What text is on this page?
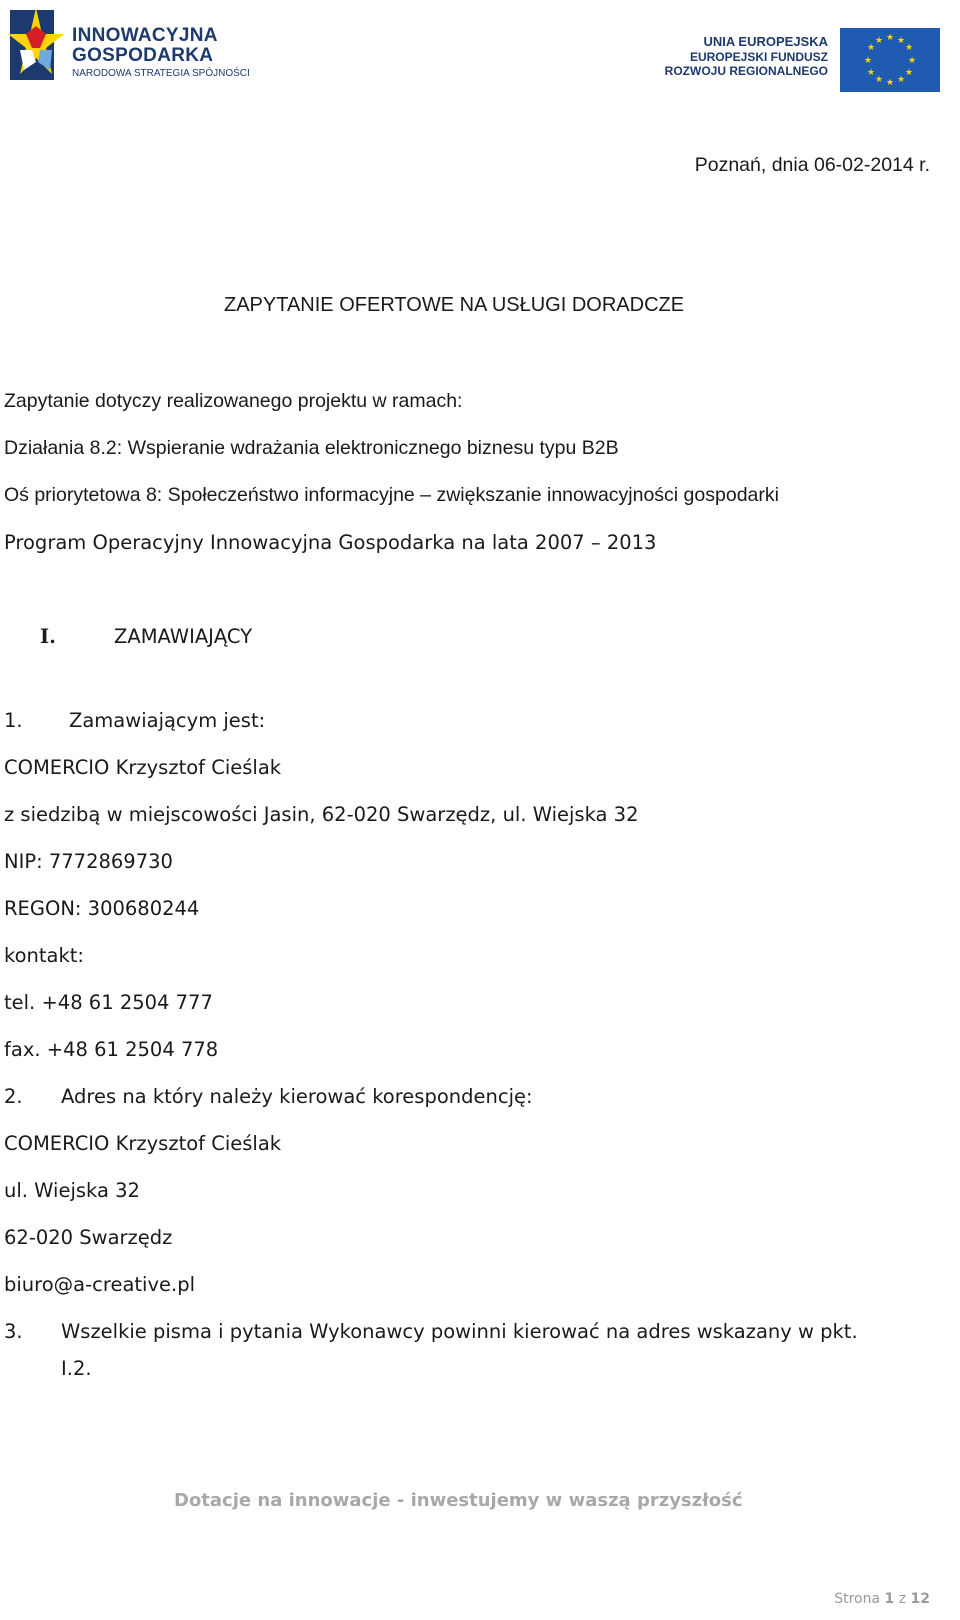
INNOWACYJNA
GOSPODARKA
NARODOWA STRATEGIA SPÓJNOŚCI
UNIA EUROPEJSKA
EUROPEJSKI FUNDUSZ
ROZWOJU REGIONALNEGO
★ ★
★
★
★
★
★
★
★
★
★
★
Poznań, dnia 06-02-2014 r.
ZAPYTANIE OFERTOWE NA USŁUGI DORADCZE
Zapytanie dotyczy realizowanego projektu w ramach:
Działania 8.2: Wspieranie wdrażania elektronicznego biznesu typu B2B
Oś priorytetowa 8: Społeczeństwo informacyjne – zwiększanie innowacyjności gospodarki
Program Operacyjny Innowacyjna Gospodarka na lata 2007 – 2013
I.	ZAMAWIAJĄCY
1. Zamawiającym jest:
COMERCIO Krzysztof Cieślak
z siedzibą w miejscowości Jasin, 62-020 Swarzędz, ul. Wiejska 32
NIP: 7772869730
REGON: 300680244
kontakt:
tel. +48 61 2504 777
fax. +48 61 2504 778
2. Adres na który należy kierować korespondencję:
COMERCIO Krzysztof Cieślak
ul. Wiejska 32
62-020 Swarzędz
biuro@a-creative.pl
3. Wszelkie pisma i pytania Wykonawcy powinni kierować na adres wskazany w pkt.
I.2.
Dotacje na innowacje - inwestujemy w waszą przyszłość
Strona 1 z 12
